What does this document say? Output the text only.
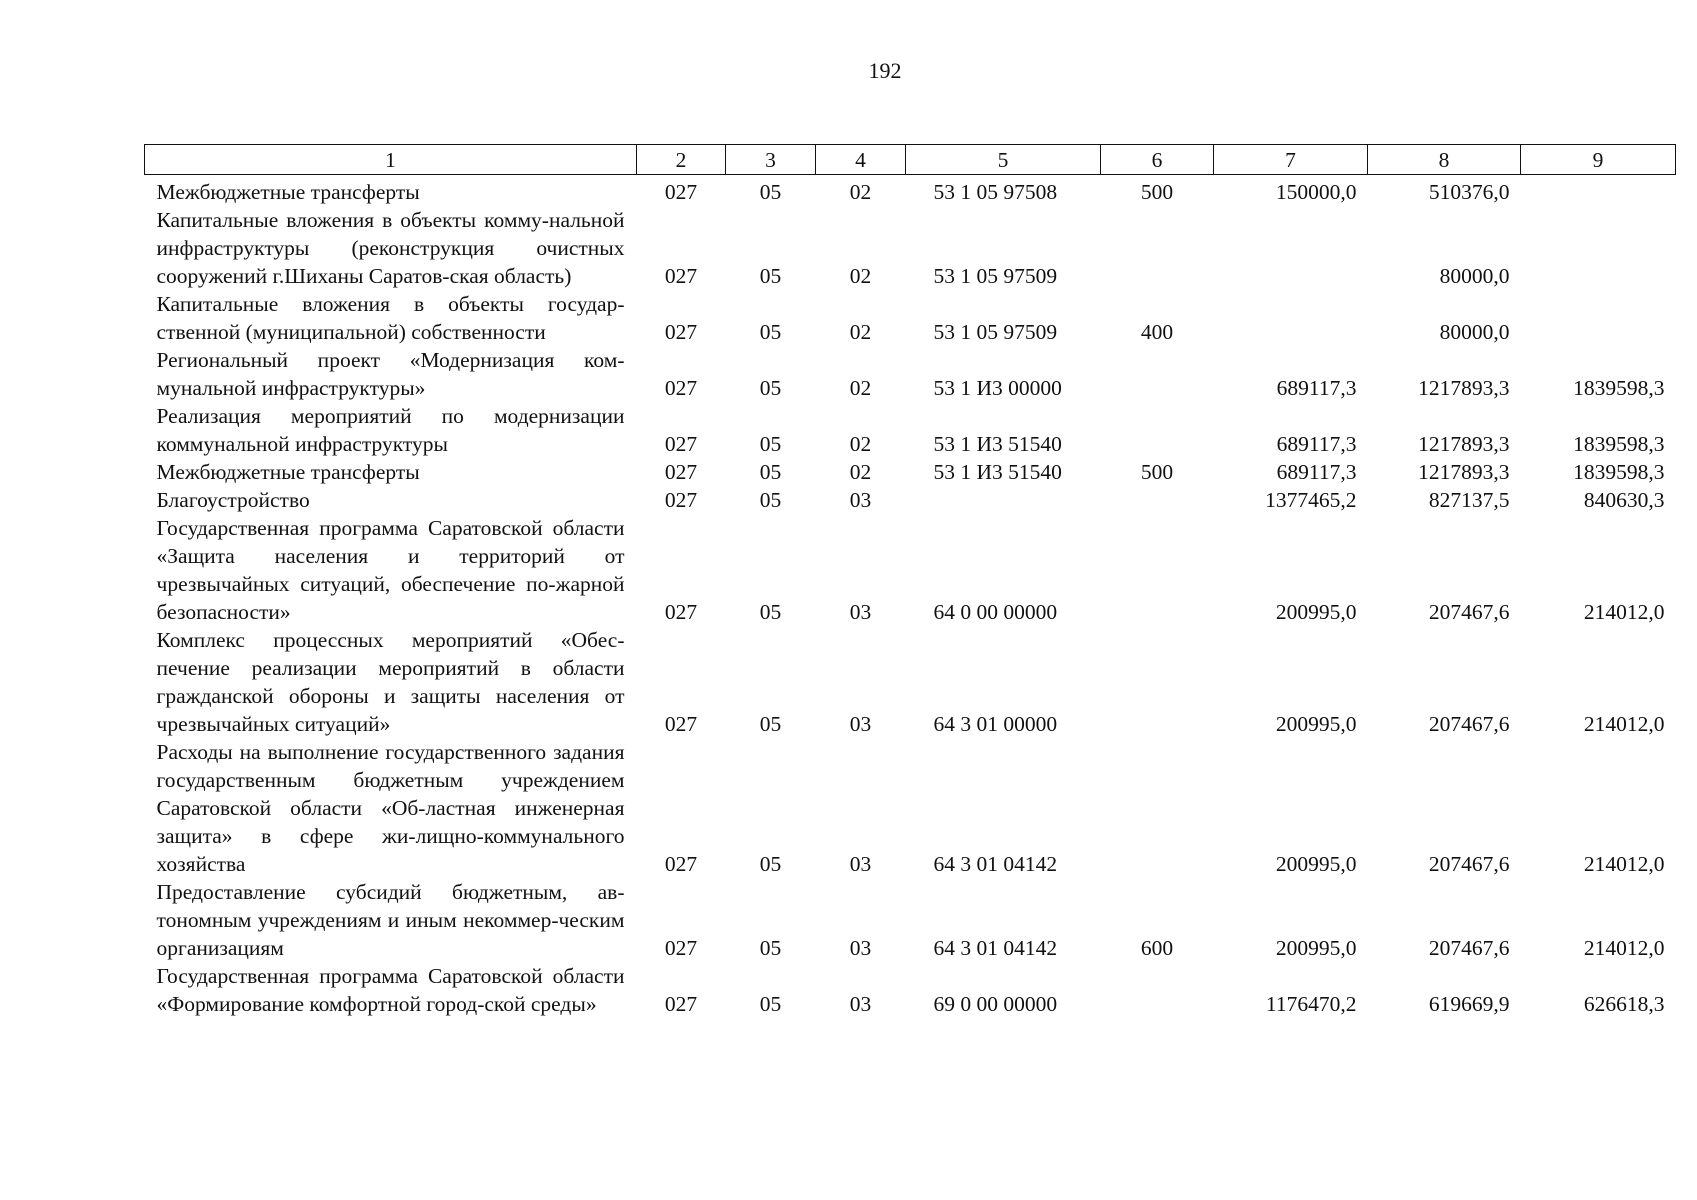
192
1	2	3	4	5	6	7	8	9
Межбюджетные трансферты	027	05	02	53 1 05 97508	500	150000,0	510376,0	
Капитальные вложения в объекты комму-нальной инфраструктуры (реконструкция очистных сооружений г.Шиханы Саратов-ская область)	027	05	02	53 1 05 97509			80000,0	
Капитальные вложения в объекты государ-ственной (муниципальной) собственности	027	05	02	53 1 05 97509	400		80000,0	
Региональный проект «Модернизация ком-мунальной инфраструктуры»	027	05	02	53 1 И3 00000		689117,3	1217893,3	1839598,3
Реализация мероприятий по модернизации коммунальной инфраструктуры	027	05	02	53 1 И3 51540		689117,3	1217893,3	1839598,3
Межбюджетные трансферты	027	05	02	53 1 И3 51540	500	689117,3	1217893,3	1839598,3
Благоустройство	027	05	03			1377465,2	827137,5	840630,3
Государственная программа Саратовской области «Защита населения и территорий от чрезвычайных ситуаций, обеспечение по-жарной безопасности»	027	05	03	64 0 00 00000		200995,0	207467,6	214012,0
Комплекс процессных мероприятий «Обес-печение реализации мероприятий в области гражданской обороны и защиты населения от чрезвычайных ситуаций»	027	05	03	64 3 01 00000		200995,0	207467,6	214012,0
Расходы на выполнение государственного задания государственным бюджетным учреждением Саратовской области «Об-ластная инженерная защита» в сфере жи-лищно-коммунального хозяйства	027	05	03	64 3 01 04142		200995,0	207467,6	214012,0
Предоставление субсидий бюджетным, ав-тономным учреждениям и иным некоммер-ческим организациям	027	05	03	64 3 01 04142	600	200995,0	207467,6	214012,0
Государственная программа Саратовской области «Формирование комфортной город-ской среды»	027	05	03	69 0 00 00000		1176470,2	619669,9	626618,3
